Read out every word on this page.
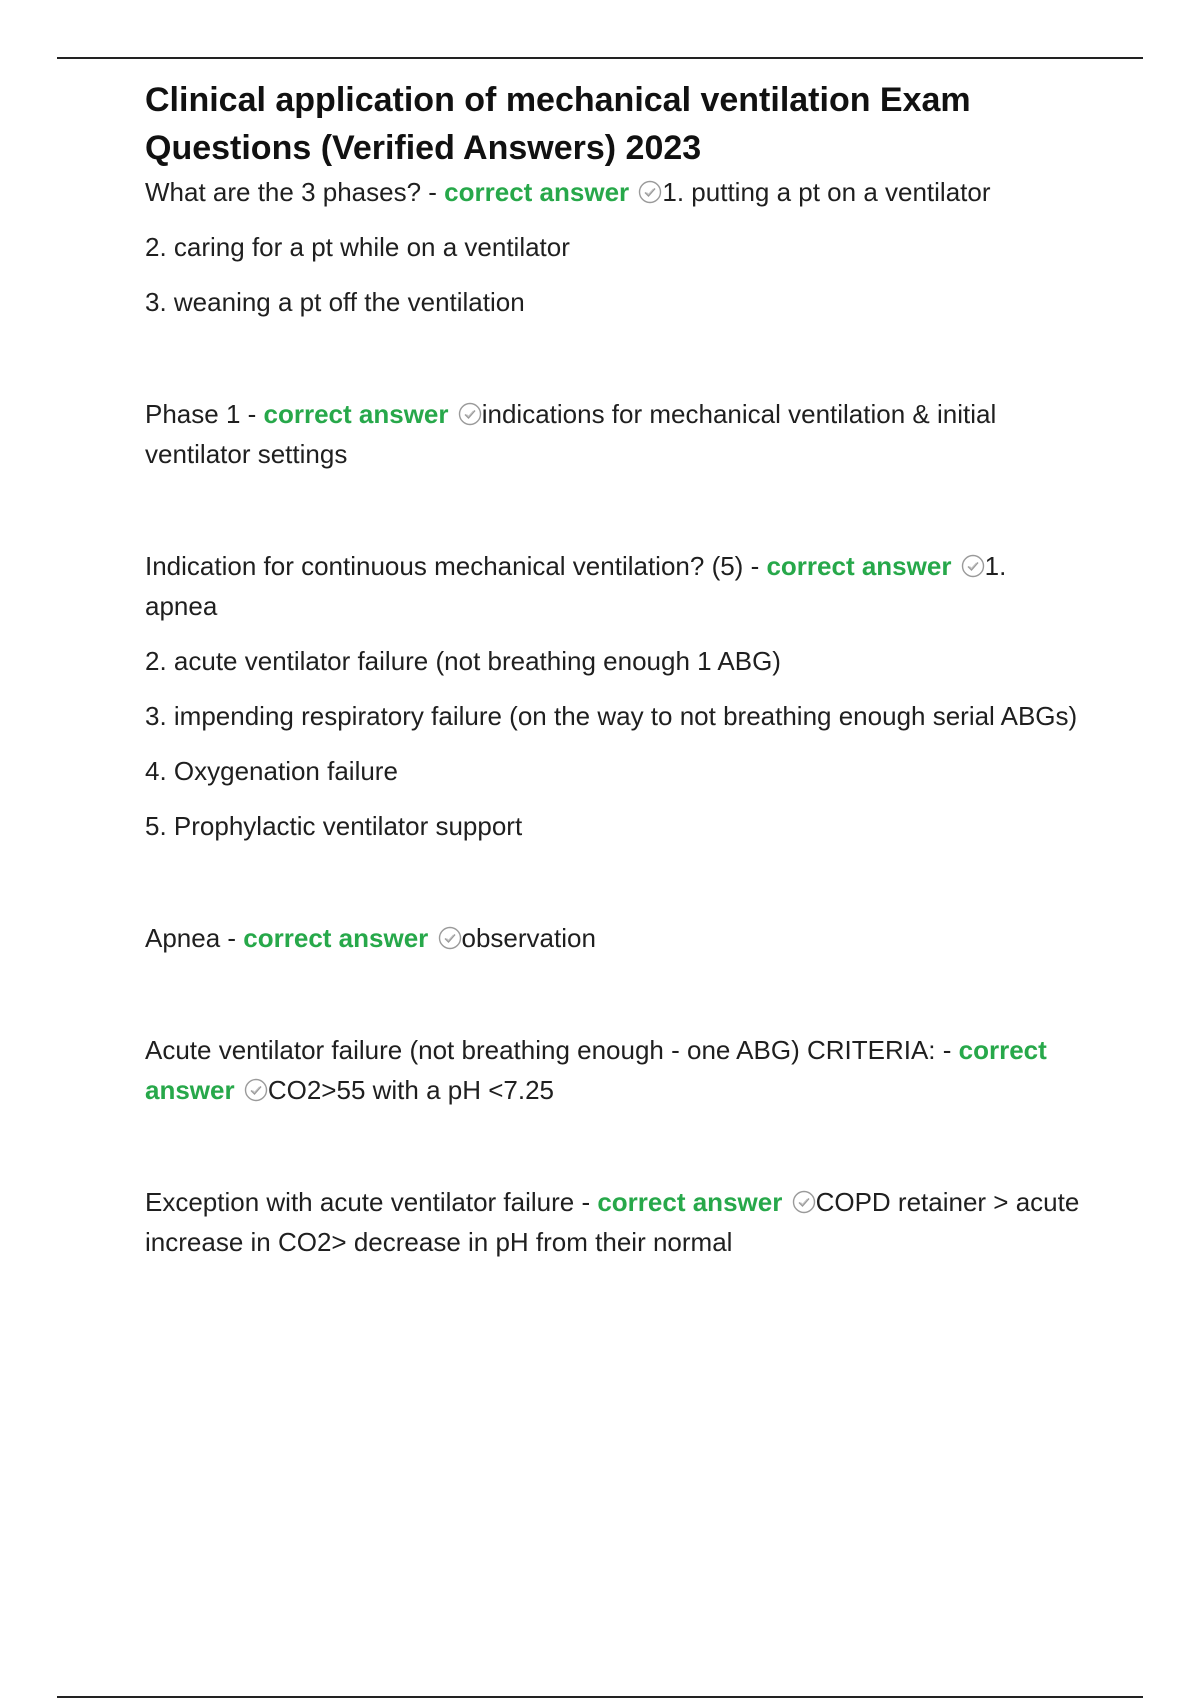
Clinical application of mechanical ventilation Exam Questions (Verified Answers) 2023

What are the 3 phases? - correct answer 1. putting a pt on a ventilator

2. caring for a pt while on a ventilator

3. weaning a pt off the ventilation

Phase 1 - correct answer indications for mechanical ventilation & initial ventilator settings

Indication for continuous mechanical ventilation? (5) - correct answer 1. apnea

2. acute ventilator failure (not breathing enough 1 ABG)

3. impending respiratory failure (on the way to not breathing enough serial ABGs)

4. Oxygenation failure

5. Prophylactic ventilator support

Apnea - correct answer observation

Acute ventilator failure (not breathing enough - one ABG) CRITERIA: - correct answer CO2>55 with a pH <7.25

Exception with acute ventilator failure - correct answer COPD retainer > acute increase in CO2> decrease in pH from their normal
